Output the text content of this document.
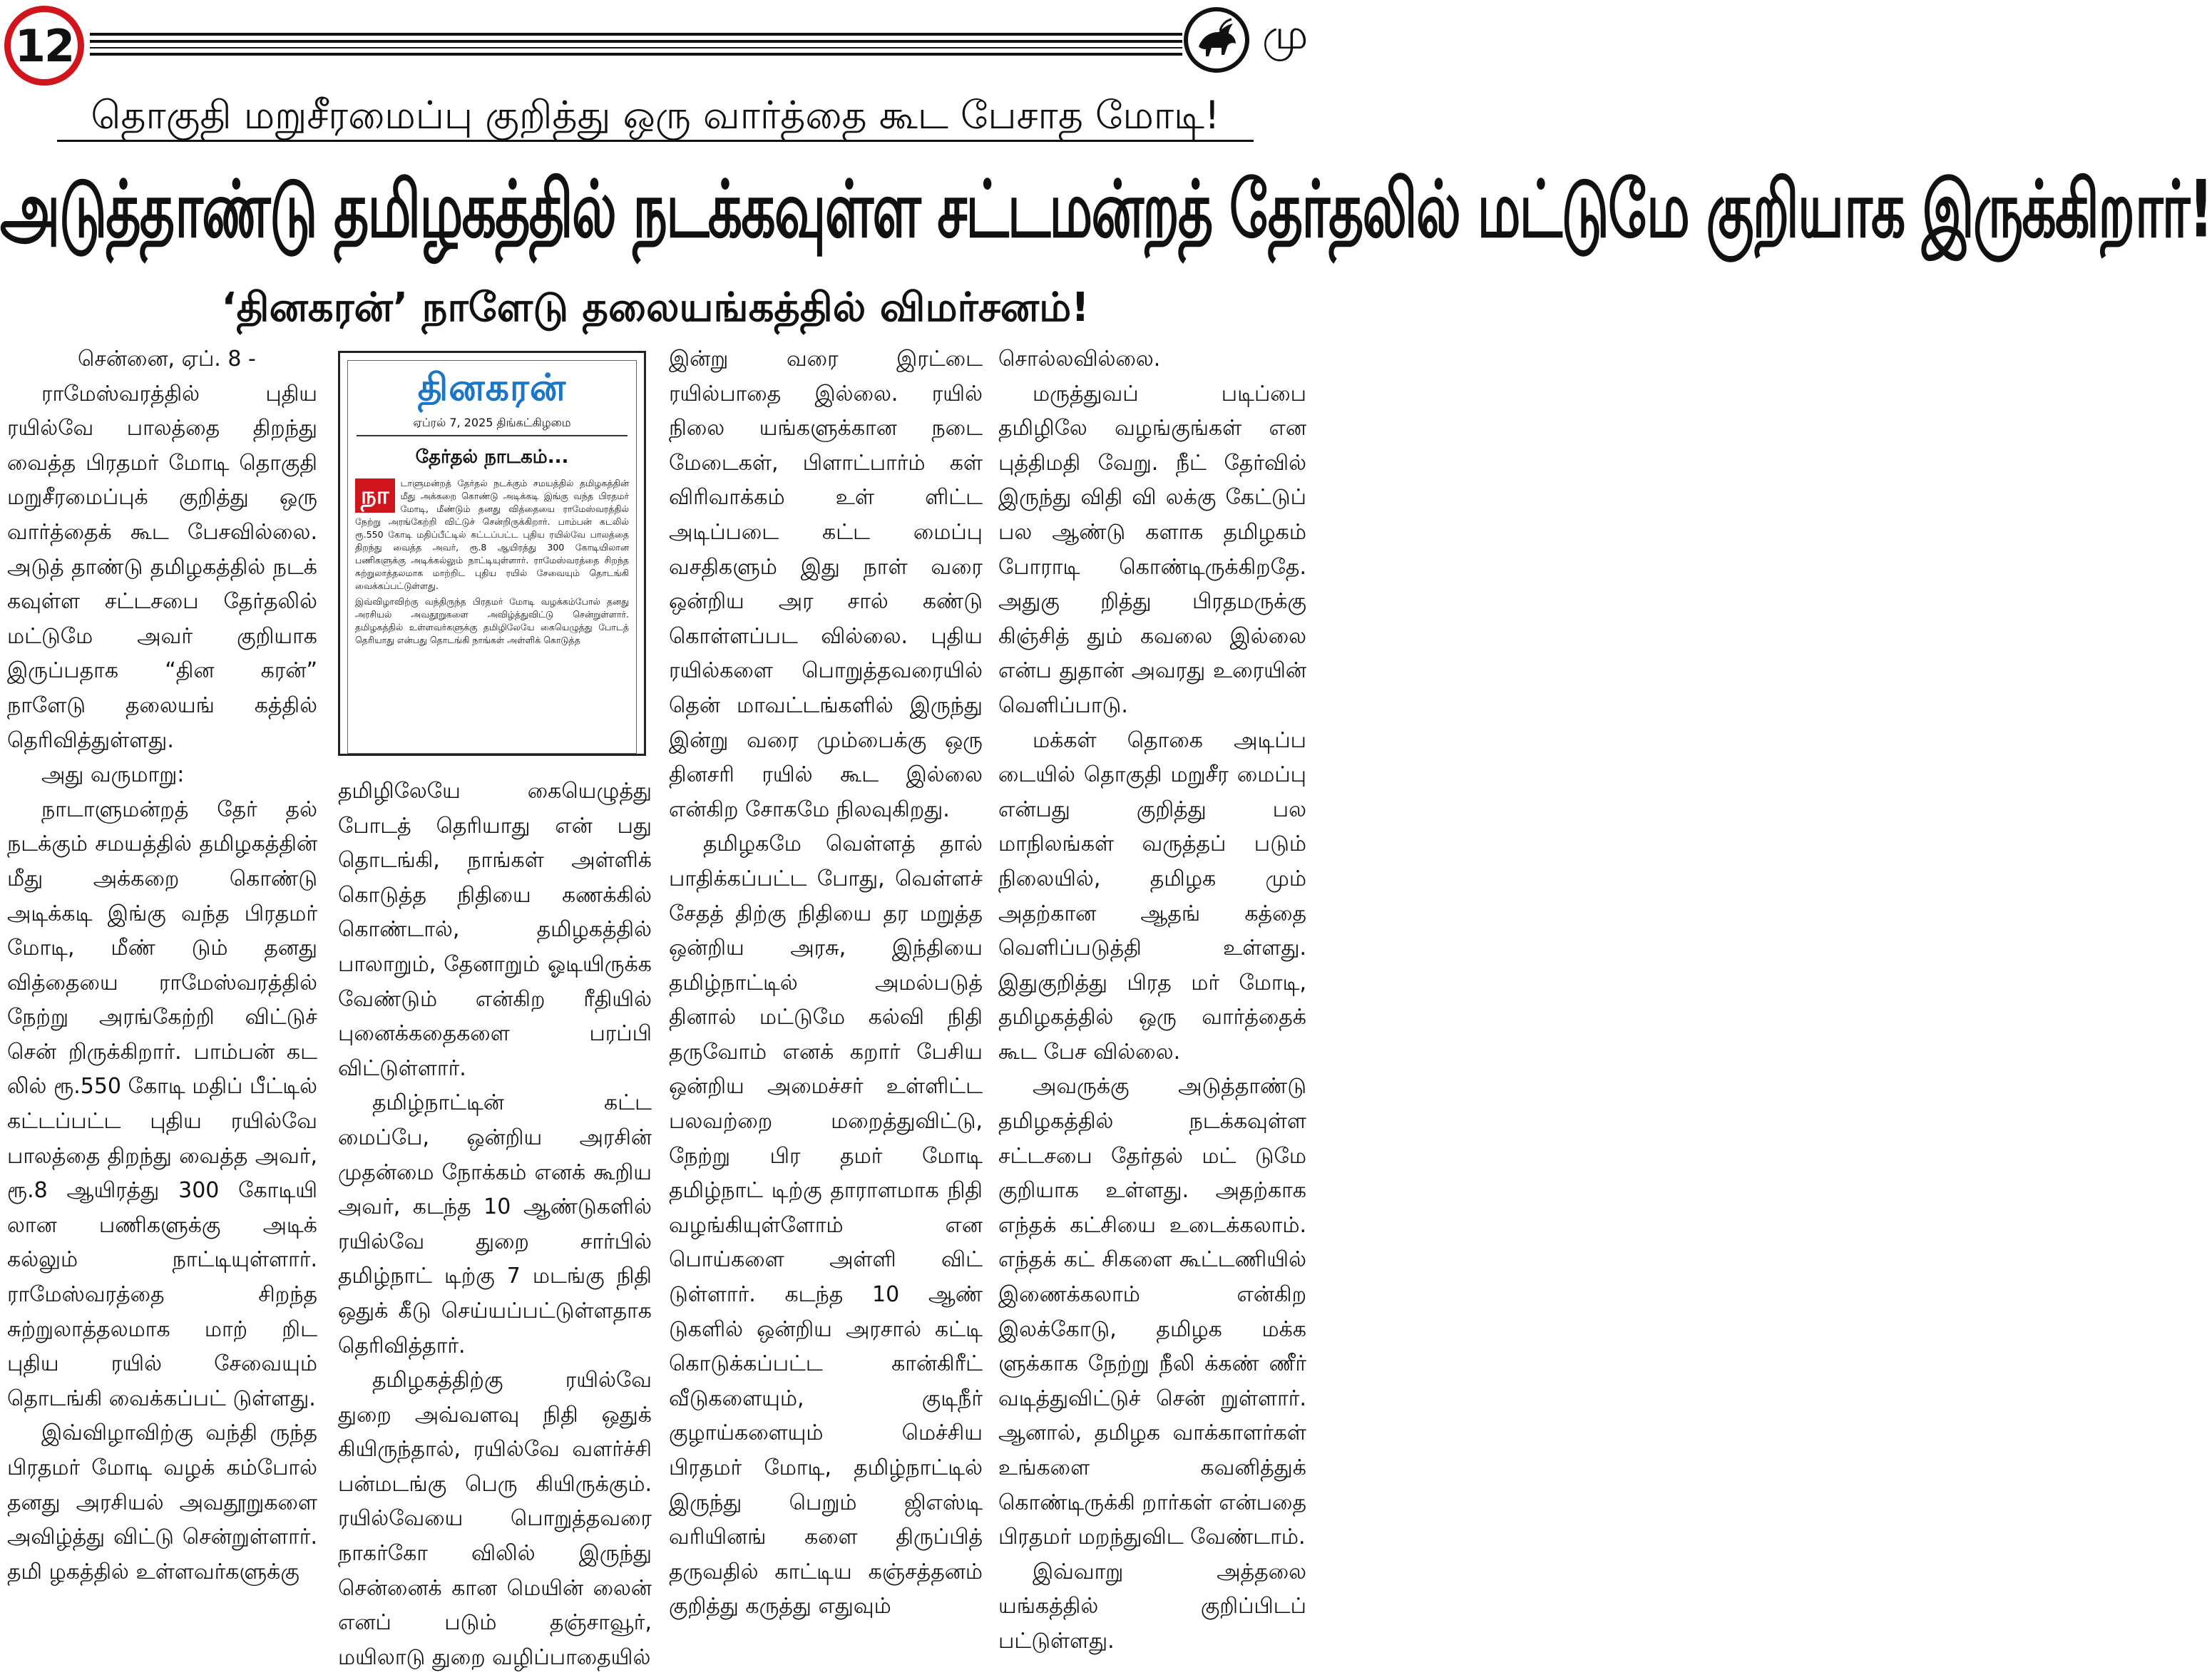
12	மு
தொகுதி மறுசீரமைப்பு குறித்து ஒரு வார்த்தை கூட பேசாத மோடி!
அடுத்தாண்டு தமிழகத்தில் நடக்கவுள்ள சட்டமன்றத் தேர்தலில் மட்டுமே குறியாக இருக்கிறார்!
‘தினகரன்’ நாளேடு தலையங்கத்தில் விமர்சனம்!

சென்னை, ஏப். 8 -

ராமேஸ்வரத்தில் புதிய ரயில்வே பாலத்தை திறந்து வைத்த பிரதமர் மோடி தொகுதி மறுசீரமைப்புக் குறித்து ஒரு வார்த்தைக் கூட பேசவில்லை. அடுத் தாண்டு தமிழகத்தில் நடக் கவுள்ள சட்டசபை தேர்தலில் மட்டுமே அவர் குறியாக இருப்பதாக “தின கரன்” நாளேடு தலையங் கத்தில் தெரிவித்துள்ளது.

அது வருமாறு:

நாடாளுமன்றத் தேர் தல் நடக்கும் சமயத்தில் தமிழகத்தின் மீது அக்கறை கொண்டு அடிக்கடி இங்கு வந்த பிரதமர் மோடி, மீண் டும் தனது வித்தையை ராமேஸ்வரத்தில் நேற்று அரங்கேற்றி விட்டுச் சென் றிருக்கிறார். பாம்பன் கட லில் ரூ.550 கோடி மதிப் பீட்டில் கட்டப்பட்ட புதிய ரயில்வே பாலத்தை திறந்து வைத்த அவர், ரூ.8 ஆயிரத்து 300 கோடியி லான பணிகளுக்கு அடிக் கல்லும் நாட்டியுள்ளார். ராமேஸ்வரத்தை சிறந்த சுற்றுலாத்தலமாக மாற் றிட புதிய ரயில் சேவையும் தொடங்கி வைக்கப்பட் டுள்ளது.

இவ்விழாவிற்கு வந்தி ருந்த பிரதமர் மோடி வழக் கம்போல் தனது அரசியல் அவதூறுகளை அவிழ்த்து விட்டு சென்றுள்ளார். தமி ழகத்தில் உள்ளவர்களுக்கு

தினகரன்
ஏப்ரல் 7, 2025 திங்கட்கிழமை
தேர்தல் நாடகம்...
நா	டாளுமன்றத் தேர்தல் நடக்கும் சமயத்தில் தமிழகத்தின் மீது அக்கறை கொண்டு அடிக்கடி இங்கு வந்த பிரதமர் மோடி, மீண்டும் தனது வித்தையை ராமேஸ்வரத்தில் நேற்று அரங்கேற்றி விட்டுச் சென்றிருக்கிறார். பாம்பன் கடலில் ரூ.550 கோடி மதிப்பீட்டில் கட்டப்பட்ட புதிய ரயில்வே பாலத்தை திறந்து வைத்த அவர், ரூ.8 ஆயிரத்து 300 கோடியிலான பணிகளுக்கு அடிக்கல்லும் நாட்டியுள்ளார். ராமேஸ்வரத்தை சிறந்த சுற்றுலாத்தலமாக மாற்றிட புதிய ரயில் சேவையும் தொடங்கி வைக்கப்பட்டுள்ளது.

இவ்விழாவிற்கு வந்திருந்த பிரதமர் மோடி வழக்கம்போல் தனது அரசியல் அவதூறுகளை அவிழ்த்துவிட்டு சென்றுள்ளார். தமிழகத்தில் உள்ளவர்களுக்கு தமிழிலேயே கையெழுத்து போடத் தெரியாது என்பது தொடங்கி நாங்கள் அள்ளிக் கொடுத்த

தமிழிலேயே கையெழுத்து போடத் தெரியாது என் பது தொடங்கி, நாங்கள் அள்ளிக் கொடுத்த நிதியை கணக்கில் கொண்டால், தமிழகத்தில் பாலாறும், தேனாறும் ஓடியிருக்க வேண்டும் என்கிற ரீதியில் புனைக்கதைகளை பரப்பி விட்டுள்ளார்.

தமிழ்நாட்டின் கட்ட மைப்பே, ஒன்றிய அரசின் முதன்மை நோக்கம் எனக் கூறிய அவர், கடந்த 10 ஆண்டுகளில் ரயில்வே துறை சார்பில் தமிழ்நாட் டிற்கு 7 மடங்கு நிதி ஒதுக் கீடு செய்யப்பட்டுள்ளதாக தெரிவித்தார்.

தமிழகத்திற்கு ரயில்வே துறை அவ்வளவு நிதி ஒதுக் கியிருந்தால், ரயில்வே வளர்ச்சி பன்மடங்கு பெரு கியிருக்கும். ரயில்வேயை பொறுத்தவரை நாகர்கோ விலில் இருந்து சென்னைக் கான மெயின் லைன் எனப் படும் தஞ்சாவூர், மயிலாடு துறை வழிப்பாதையில்

இன்று வரை இரட்டை ரயில்பாதை இல்லை. ரயில் நிலை யங்களுக்கான நடை மேடைகள், பிளாட்பார்ம் கள் விரிவாக்கம் உள் ளிட்ட அடிப்படை கட்ட மைப்பு வசதிகளும் இது நாள் வரை ஒன்றிய அர சால் கண்டு கொள்ளப்பட வில்லை. புதிய ரயில்களை பொறுத்தவரையில் தென் மாவட்டங்களில் இருந்து இன்று வரை மும்பைக்கு ஒரு தினசரி ரயில் கூட இல்லை என்கிற சோகமே நிலவுகிறது.

தமிழகமே வெள்ளத் தால் பாதிக்கப்பட்ட போது, வெள்ளச் சேதத் திற்கு நிதியை தர மறுத்த ஒன்றிய அரசு, இந்தியை தமிழ்நாட்டில் அமல்படுத் தினால் மட்டுமே கல்வி நிதி தருவோம் எனக் கறார் பேசிய ஒன்றிய அமைச்சர் உள்ளிட்ட பலவற்றை மறைத்துவிட்டு, நேற்று பிர தமர் மோடி தமிழ்நாட் டிற்கு தாராளமாக நிதி வழங்கியுள்ளோம் என பொய்களை அள்ளி விட் டுள்ளார். கடந்த 10 ஆண் டுகளில் ஒன்றிய அரசால் கட்டி கொடுக்கப்பட்ட கான்கிரீட் வீடுகளையும், குடிநீர் குழாய்களையும் மெச்சிய பிரதமர் மோடி, தமிழ்நாட்டில் இருந்து பெறும் ஜிஎஸ்டி வரியினங் களை திருப்பித் தருவதில் காட்டிய கஞ்சத்தனம் குறித்து கருத்து எதுவும்

சொல்லவில்லை.

மருத்துவப் படிப்பை தமிழிலே வழங்குங்கள் என புத்திமதி வேறு. நீட் தேர்வில் இருந்து விதி வி லக்கு கேட்டுப் பல ஆண்டு களாக தமிழகம் போராடி கொண்டிருக்கிறதே. அதுகு றித்து பிரதமருக்கு கிஞ்சித் தும் கவலை இல்லை என்ப துதான் அவரது உரையின் வெளிப்பாடு.

மக்கள் தொகை அடிப்ப டையில் தொகுதி மறுசீர மைப்பு என்பது குறித்து பல மாநிலங்கள் வருத்தப் படும் நிலையில், தமிழக மும் அதற்கான ஆதங் கத்தை வெளிப்படுத்தி உள்ளது. இதுகுறித்து பிரத மர் மோடி, தமிழகத்தில் ஒரு வார்த்தைக் கூட பேச வில்லை.

அவருக்கு அடுத்தாண்டு தமிழகத்தில் நடக்கவுள்ள சட்டசபை தேர்தல் மட் டுமே குறியாக உள்ளது. அதற்காக எந்தக் கட்சியை உடைக்கலாம். எந்தக் கட் சிகளை கூட்டணியில் இணைக்கலாம் என்கிற இலக்கோடு, தமிழக மக்க ளுக்காக நேற்று நீலி க்கண் ணீர் வடித்துவிட்டுச் சென் றுள்ளார். ஆனால், தமிழக வாக்காளர்கள் உங்களை கவனித்துக் கொண்டிருக்கி றார்கள் என்பதை பிரதமர் மறந்துவிட வேண்டாம்.

இவ்வாறு அத்தலை யங்கத்தில் குறிப்பிடப் பட்டுள்ளது.
